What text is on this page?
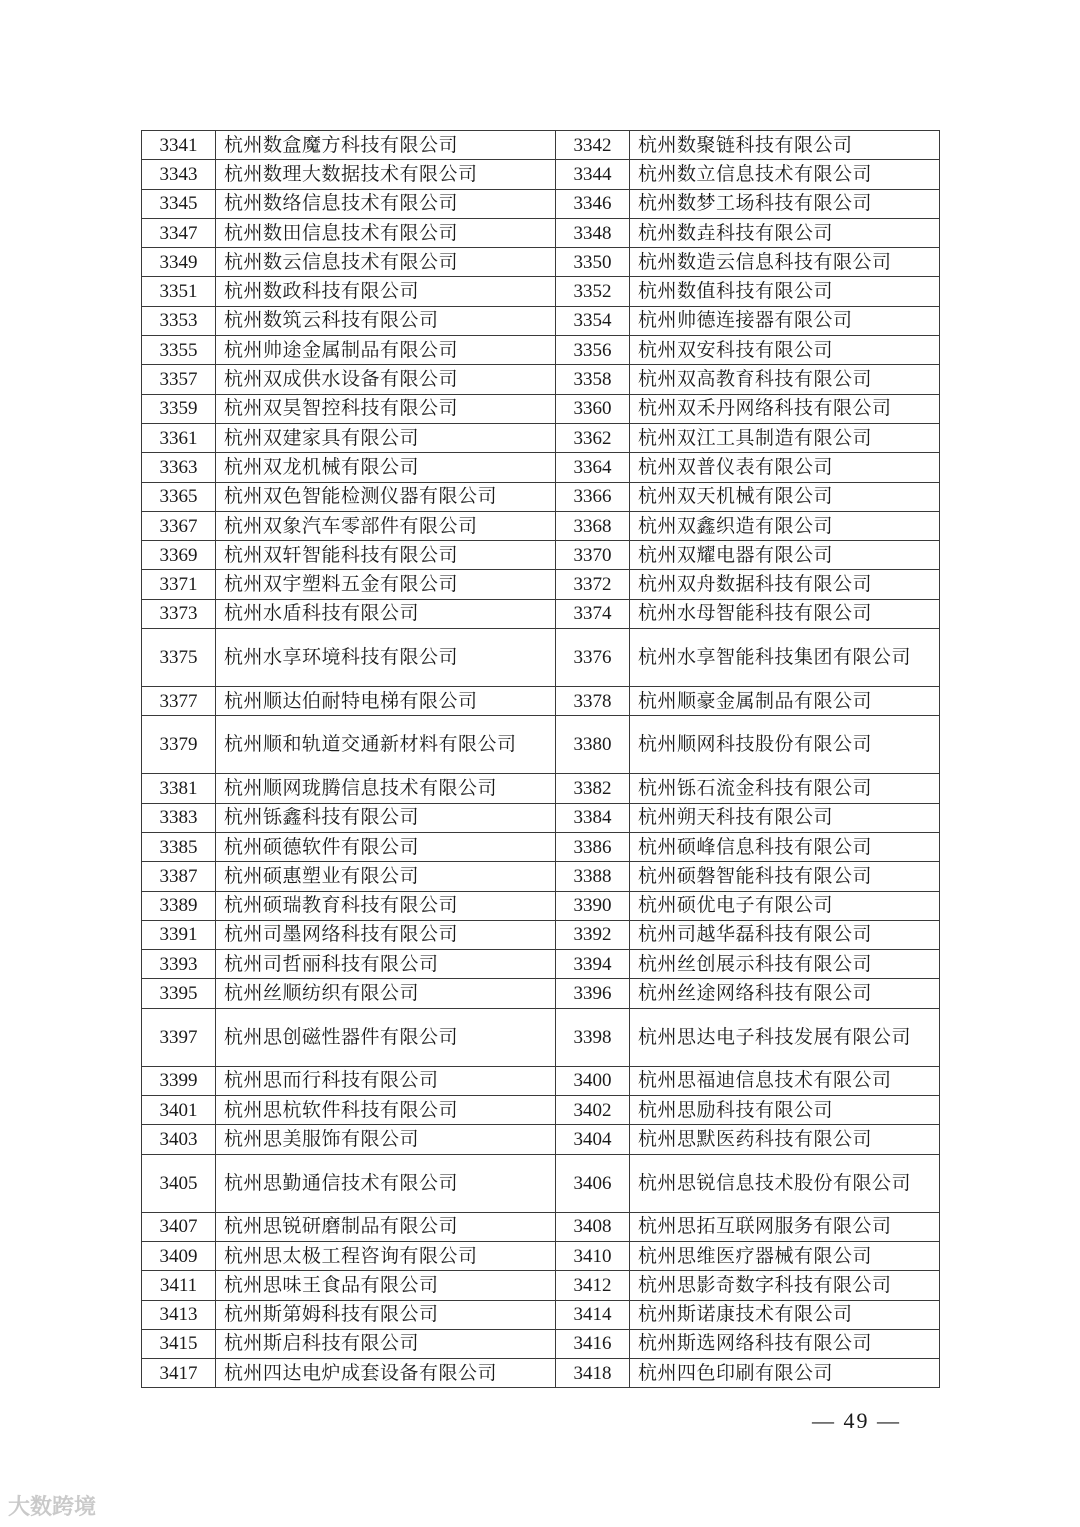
3341	杭州数盒魔方科技有限公司	3342	杭州数聚链科技有限公司
3343	杭州数理大数据技术有限公司	3344	杭州数立信息技术有限公司
3345	杭州数络信息技术有限公司	3346	杭州数梦工场科技有限公司
3347	杭州数田信息技术有限公司	3348	杭州数垚科技有限公司
3349	杭州数云信息技术有限公司	3350	杭州数造云信息科技有限公司
3351	杭州数政科技有限公司	3352	杭州数值科技有限公司
3353	杭州数筑云科技有限公司	3354	杭州帅德连接器有限公司
3355	杭州帅途金属制品有限公司	3356	杭州双安科技有限公司
3357	杭州双成供水设备有限公司	3358	杭州双高教育科技有限公司
3359	杭州双昊智控科技有限公司	3360	杭州双禾丹网络科技有限公司
3361	杭州双建家具有限公司	3362	杭州双江工具制造有限公司
3363	杭州双龙机械有限公司	3364	杭州双普仪表有限公司
3365	杭州双色智能检测仪器有限公司	3366	杭州双天机械有限公司
3367	杭州双象汽车零部件有限公司	3368	杭州双鑫织造有限公司
3369	杭州双轩智能科技有限公司	3370	杭州双耀电器有限公司
3371	杭州双宇塑料五金有限公司	3372	杭州双舟数据科技有限公司
3373	杭州水盾科技有限公司	3374	杭州水母智能科技有限公司
3375	杭州水享环境科技有限公司	3376	杭州水享智能科技集团有限公司
3377	杭州顺达伯耐特电梯有限公司	3378	杭州顺豪金属制品有限公司
3379	杭州顺和轨道交通新材料有限公司	3380	杭州顺网科技股份有限公司
3381	杭州顺网珑腾信息技术有限公司	3382	杭州铄石流金科技有限公司
3383	杭州铄鑫科技有限公司	3384	杭州朔天科技有限公司
3385	杭州硕德软件有限公司	3386	杭州硕峰信息科技有限公司
3387	杭州硕惠塑业有限公司	3388	杭州硕磐智能科技有限公司
3389	杭州硕瑞教育科技有限公司	3390	杭州硕优电子有限公司
3391	杭州司墨网络科技有限公司	3392	杭州司越华磊科技有限公司
3393	杭州司哲丽科技有限公司	3394	杭州丝创展示科技有限公司
3395	杭州丝顺纺织有限公司	3396	杭州丝途网络科技有限公司
3397	杭州思创磁性器件有限公司	3398	杭州思达电子科技发展有限公司
3399	杭州思而行科技有限公司	3400	杭州思福迪信息技术有限公司
3401	杭州思杭软件科技有限公司	3402	杭州思励科技有限公司
3403	杭州思美服饰有限公司	3404	杭州思默医药科技有限公司
3405	杭州思勤通信技术有限公司	3406	杭州思锐信息技术股份有限公司
3407	杭州思锐研磨制品有限公司	3408	杭州思拓互联网服务有限公司
3409	杭州思太极工程咨询有限公司	3410	杭州思维医疗器械有限公司
3411	杭州思味王食品有限公司	3412	杭州思影奇数字科技有限公司
3413	杭州斯第姆科技有限公司	3414	杭州斯诺康技术有限公司
3415	杭州斯启科技有限公司	3416	杭州斯选网络科技有限公司
3417	杭州四达电炉成套设备有限公司	3418	杭州四色印刷有限公司
— 49 —
大数跨境
